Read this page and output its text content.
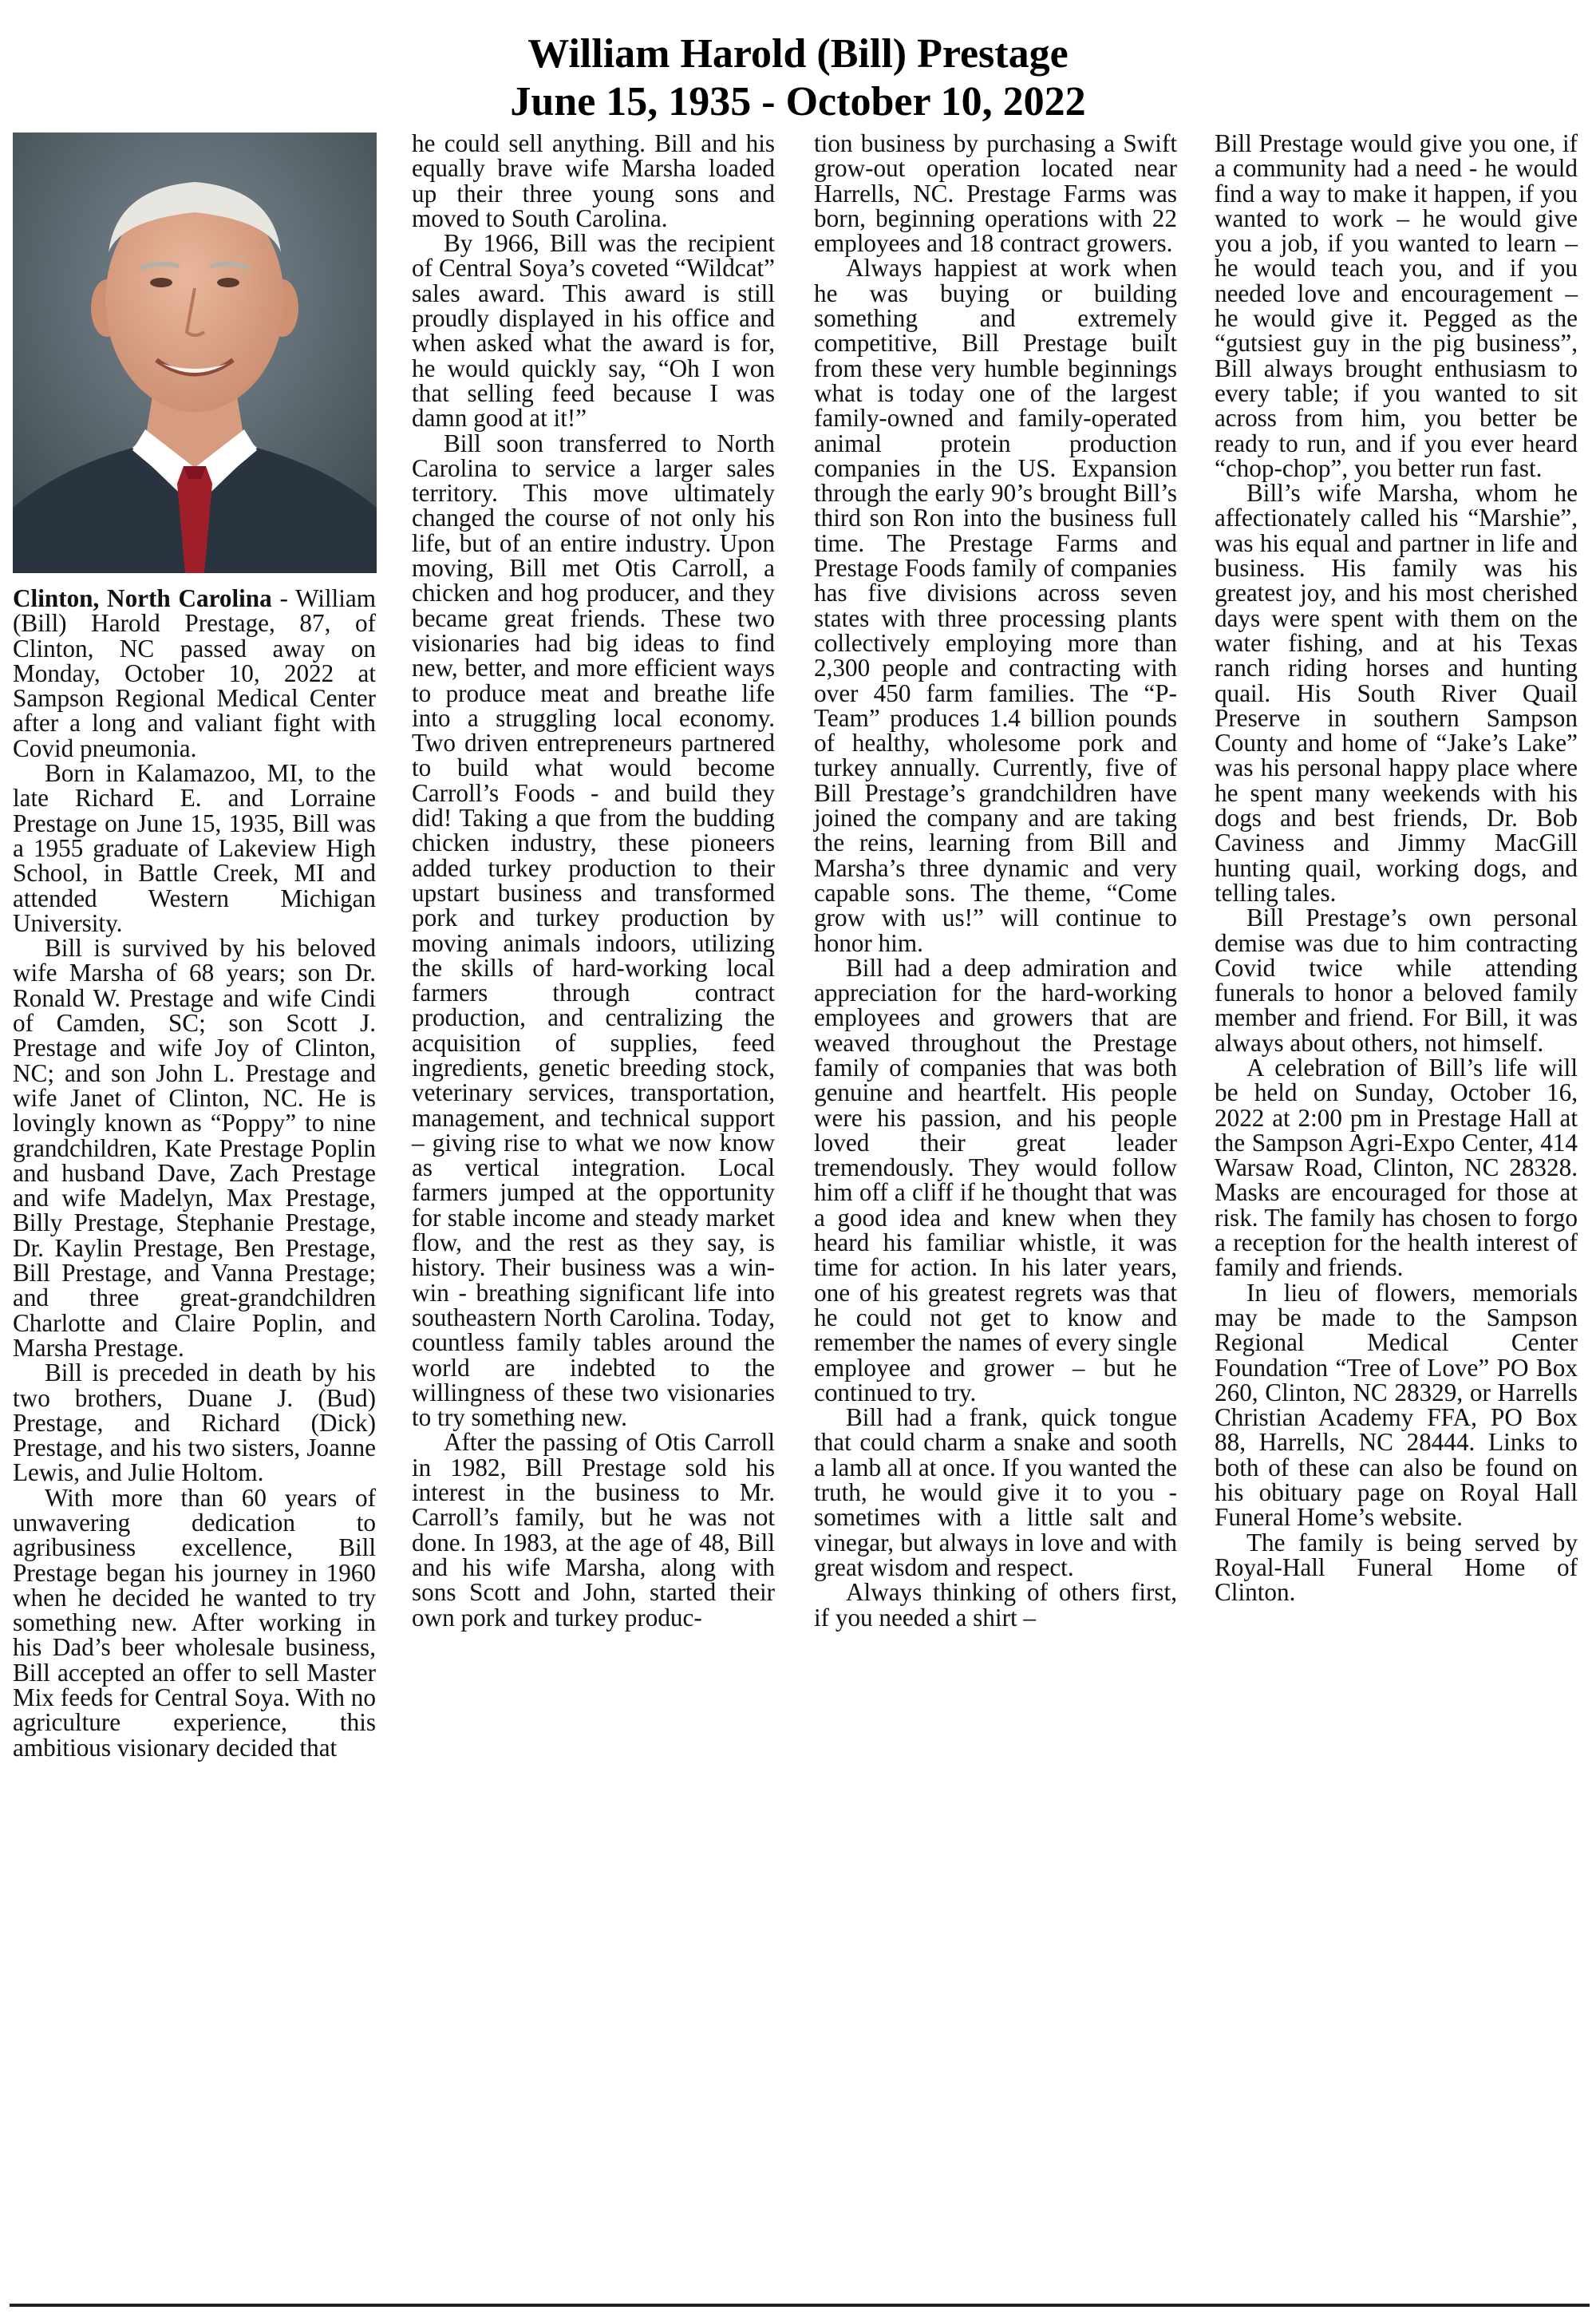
William Harold (Bill) Prestage
June 15, 1935 - October 10, 2022

Clinton, North Carolina - William (Bill) Harold Prestage, 87, of Clinton, NC passed away on Monday, October 10, 2022 at Sampson Regional Medical Center after a long and valiant fight with Covid pneumonia.

Born in Kalamazoo, MI, to the late Richard E. and Lorraine Prestage on June 15, 1935, Bill was a 1955 graduate of Lakeview High School, in Battle Creek, MI and attended Western Michigan University.

Bill is survived by his beloved wife Marsha of 68 years; son Dr. Ronald W. Prestage and wife Cindi of Camden, SC; son Scott J. Prestage and wife Joy of Clinton, NC; and son John L. Prestage and wife Janet of Clinton, NC. He is lovingly known as “Poppy” to nine grandchildren, Kate Prestage Poplin and husband Dave, Zach Prestage and wife Madelyn, Max Prestage, Billy Prestage, Stephanie Prestage, Dr. Kaylin Prestage, Ben Prestage, Bill Prestage, and Vanna Prestage; and three great-grandchildren Charlotte and Claire Poplin, and Marsha Prestage.

Bill is preceded in death by his two brothers, Duane J. (Bud) Prestage, and Richard (Dick) Prestage, and his two sisters, Joanne Lewis, and Julie Holtom.

With more than 60 years of unwavering dedication to agribusiness excellence, Bill Prestage began his journey in 1960 when he decided he wanted to try something new. After working in his Dad’s beer wholesale business, Bill accepted an offer to sell Master Mix feeds for Central Soya. With no agriculture experience, this ambitious visionary decided that

he could sell anything. Bill and his equally brave wife Marsha loaded up their three young sons and moved to South Carolina.

By 1966, Bill was the recipient of Central Soya’s coveted “Wildcat” sales award. This award is still proudly displayed in his office and when asked what the award is for, he would quickly say, “Oh I won that selling feed because I was damn good at it!”

Bill soon transferred to North Carolina to service a larger sales territory. This move ultimately changed the course of not only his life, but of an entire industry. Upon moving, Bill met Otis Carroll, a chicken and hog producer, and they became great friends. These two visionaries had big ideas to find new, better, and more efficient ways to produce meat and breathe life into a struggling local economy. Two driven entrepreneurs partnered to build what would become Carroll’s Foods - and build they did! Taking a que from the budding chicken industry, these pioneers added turkey production to their upstart business and transformed pork and turkey production by moving animals indoors, utilizing the skills of hard-working local farmers through contract production, and centralizing the acquisition of supplies, feed ingredients, genetic breeding stock, veterinary services, transportation, management, and technical support – giving rise to what we now know as vertical integration. Local farmers jumped at the opportunity for stable income and steady market flow, and the rest as they say, is history. Their business was a win-win - breathing significant life into southeastern North Carolina. Today, countless family tables around the world are indebted to the willingness of these two visionaries to try something new.

After the passing of Otis Carroll in 1982, Bill Prestage sold his interest in the business to Mr. Carroll’s family, but he was not done. In 1983, at the age of 48, Bill and his wife Marsha, along with sons Scott and John, started their own pork and turkey produc-

tion business by purchasing a Swift grow-out operation located near Harrells, NC. Prestage Farms was born, beginning operations with 22 employees and 18 contract growers.

Always happiest at work when he was buying or building something and extremely competitive, Bill Prestage built from these very humble beginnings what is today one of the largest family-owned and family-operated animal protein production companies in the US. Expansion through the early 90’s brought Bill’s third son Ron into the business full time. The Prestage Farms and Prestage Foods family of companies has five divisions across seven states with three processing plants collectively employing more than 2,300 people and contracting with over 450 farm families. The “P-Team” produces 1.4 billion pounds of healthy, wholesome pork and turkey annually. Currently, five of Bill Prestage’s grandchildren have joined the company and are taking the reins, learning from Bill and Marsha’s three dynamic and very capable sons. The theme, “Come grow with us!” will continue to honor him.

Bill had a deep admiration and appreciation for the hard-working employees and growers that are weaved throughout the Prestage family of companies that was both genuine and heartfelt. His people were his passion, and his people loved their great leader tremendously. They would follow him off a cliff if he thought that was a good idea and knew when they heard his familiar whistle, it was time for action. In his later years, one of his greatest regrets was that he could not get to know and remember the names of every single employee and grower – but he continued to try.

Bill had a frank, quick tongue that could charm a snake and sooth a lamb all at once. If you wanted the truth, he would give it to you - sometimes with a little salt and vinegar, but always in love and with great wisdom and respect.

Always thinking of others first, if you needed a shirt –

Bill Prestage would give you one, if a community had a need - he would find a way to make it happen, if you wanted to work – he would give you a job, if you wanted to learn – he would teach you, and if you needed love and encouragement – he would give it. Pegged as the “gutsiest guy in the pig business”, Bill always brought enthusiasm to every table; if you wanted to sit across from him, you better be ready to run, and if you ever heard “chop-chop”, you better run fast.

Bill’s wife Marsha, whom he affectionately called his “Marshie”, was his equal and partner in life and business. His family was his greatest joy, and his most cherished days were spent with them on the water fishing, and at his Texas ranch riding horses and hunting quail. His South River Quail Preserve in southern Sampson County and home of “Jake’s Lake” was his personal happy place where he spent many weekends with his dogs and best friends, Dr. Bob Caviness and Jimmy MacGill hunting quail, working dogs, and telling tales.

Bill Prestage’s own personal demise was due to him contracting Covid twice while attending funerals to honor a beloved family member and friend. For Bill, it was always about others, not himself.

A celebration of Bill’s life will be held on Sunday, October 16, 2022 at 2:00 pm in Prestage Hall at the Sampson Agri-Expo Center, 414 Warsaw Road, Clinton, NC 28328. Masks are encouraged for those at risk. The family has chosen to forgo a reception for the health interest of family and friends.

In lieu of flowers, memorials may be made to the Sampson Regional Medical Center Foundation “Tree of Love” PO Box 260, Clinton, NC 28329, or Harrells Christian Academy FFA, PO Box 88, Harrells, NC 28444. Links to both of these can also be found on his obituary page on Royal Hall Funeral Home’s website.

The family is being served by Royal-Hall Funeral Home of Clinton.
